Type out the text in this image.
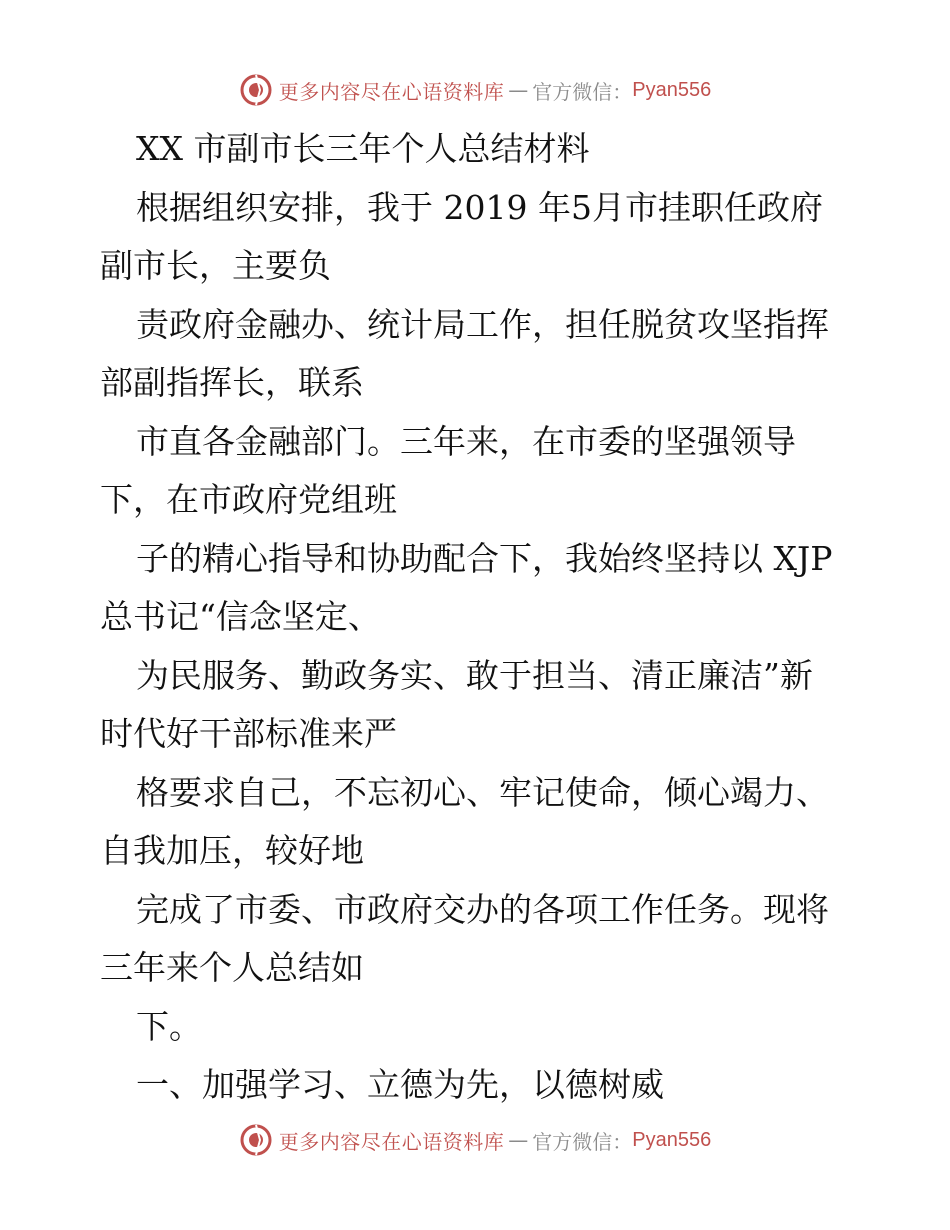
更多内容尽在心语资料库 — 官方微信： Pyan556
XX 市副市长三年个人总结材料
根据组织安排，我于 2019 年5月市挂职任政府
副市长，主要负
责政府金融办、统计局工作，担任脱贫攻坚指挥
部副指挥长，联系
市直各金融部门。三年来，在市委的坚强领导
下，在市政府党组班
子的精心指导和协助配合下，我始终坚持以 XJP
总书记“信念坚定、
为民服务、勤政务实、敢于担当、清正廉洁”新
时代好干部标准来严
格要求自己，不忘初心、牢记使命，倾心竭力、
自我加压，较好地
完成了市委、市政府交办的各项工作任务。现将
三年来个人总结如
下。
一、加强学习、立德为先，以德树威
更多内容尽在心语资料库 — 官方微信： Pyan556
